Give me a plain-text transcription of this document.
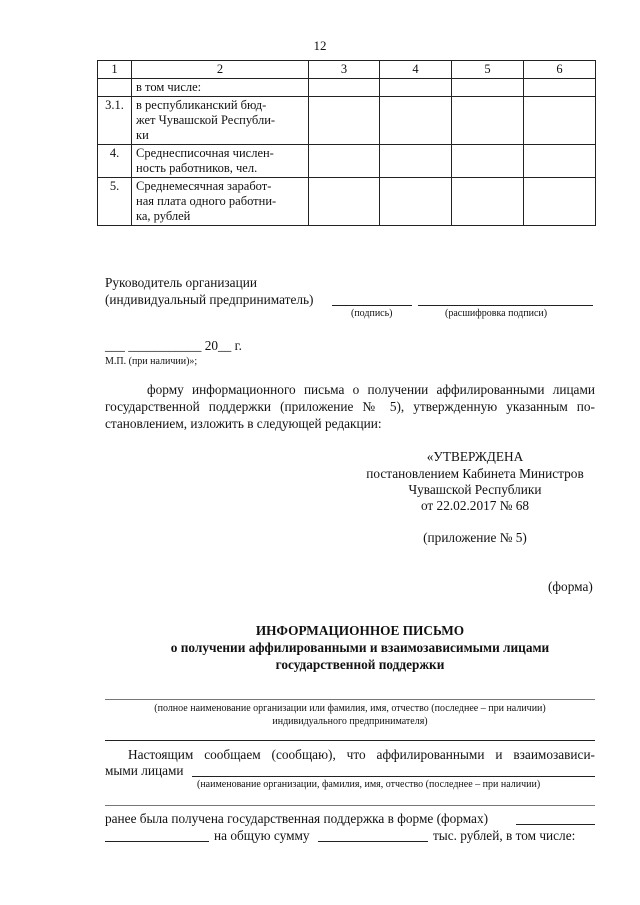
12
1	2	3	4	5	6
	в том числе:				
3.1.	в республиканский бюд-
жет Чувашской Республи-
ки				

4.	Среднесписочная числен-
ность работников, чел.				

5.	Среднемесячная заработ-
ная плата одного работни-
ка, рублей				

Руководитель организации
(индивидуальный предприниматель)
(подпись)	(расшифровка подписи)
___ ___________ 20__ г.
М.П. (при наличии)»;
форму информационного письма о получении аффилированными лицами
государственной поддержки (приложение № 5), утвержденную указанным по-
становлением, изложить в следующей редакции:
«УТВЕРЖДЕНА
постановлением Кабинета Министров
Чувашской Республики
от 22.02.2017 № 68
(приложение № 5)
(форма)
ИНФОРМАЦИОННОЕ ПИСЬМО
о получении аффилированными и взаимозависимыми лицами
государственной поддержки
(полное наименование организации или фамилия, имя, отчество (последнее – при наличии)
индивидуального предпринимателя)
Настоящим сообщаем (сообщаю), что аффилированными и взаимозависи-
мыми лицами
(наименование организации, фамилия, имя, отчество (последнее – при наличии)
ранее была получена государственная поддержка в форме (формах)
на общую сумму	тыс. рублей, в том числе:
